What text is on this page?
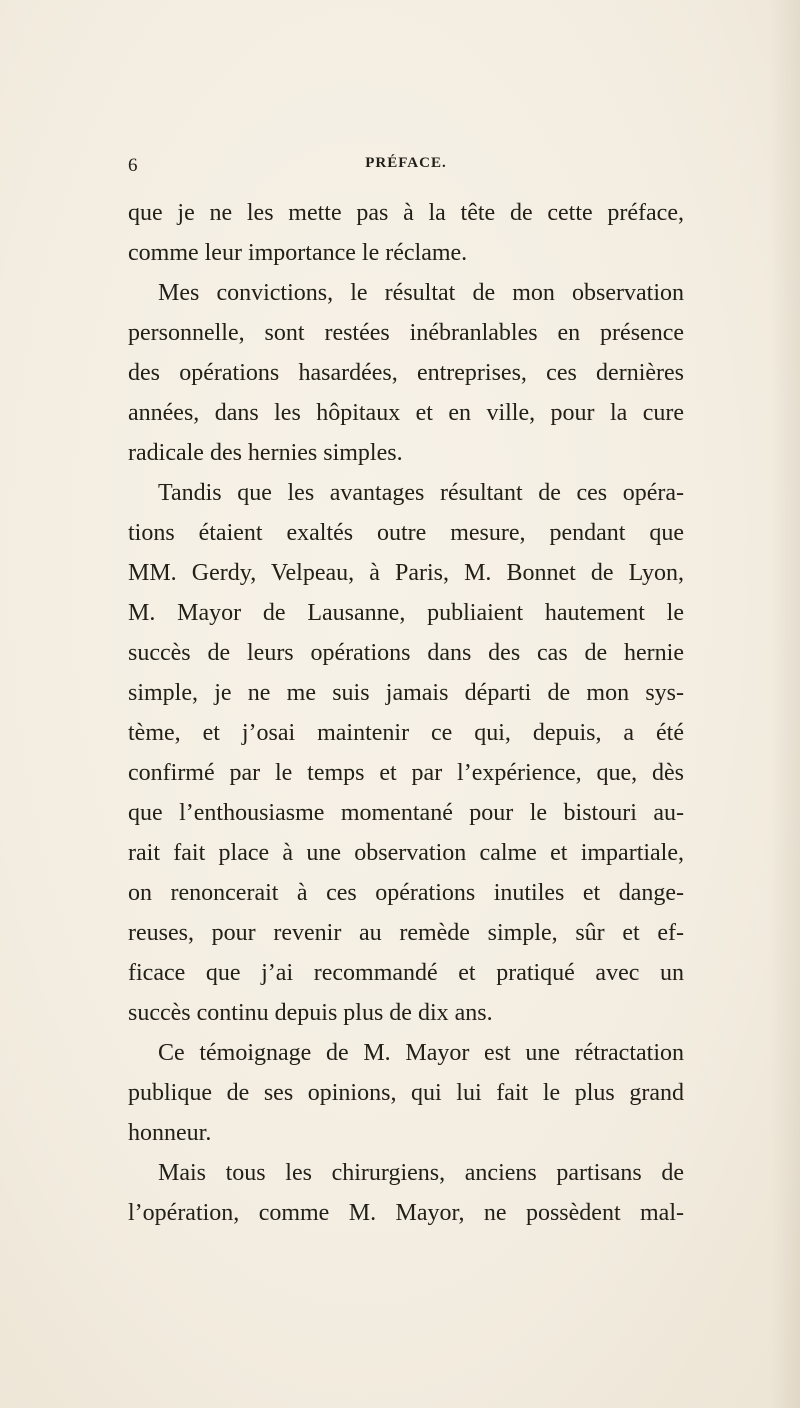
6	PRÉFACE.
que je ne les mette pas à la tête de cette préface,
comme leur importance le réclame.
Mes convictions, le résultat de mon observation
personnelle, sont restées inébranlables en présence
des opérations hasardées, entreprises, ces dernières
années, dans les hôpitaux et en ville, pour la cure
radicale des hernies simples.
Tandis que les avantages résultant de ces opéra-
tions étaient exaltés outre mesure, pendant que
MM. Gerdy, Velpeau, à Paris, M. Bonnet de Lyon,
M. Mayor de Lausanne, publiaient hautement le
succès de leurs opérations dans des cas de hernie
simple, je ne me suis jamais départi de mon sys-
tème, et j’osai maintenir ce qui, depuis, a été
confirmé par le temps et par l’expérience, que, dès
que l’enthousiasme momentané pour le bistouri au-
rait fait place à une observation calme et impartiale,
on renoncerait à ces opérations inutiles et dange-
reuses, pour revenir au remède simple, sûr et ef-
ficace que j’ai recommandé et pratiqué avec un
succès continu depuis plus de dix ans.
Ce témoignage de M. Mayor est une rétractation
publique de ses opinions, qui lui fait le plus grand
honneur.
Mais tous les chirurgiens, anciens partisans de
l’opération, comme M. Mayor, ne possèdent mal-
